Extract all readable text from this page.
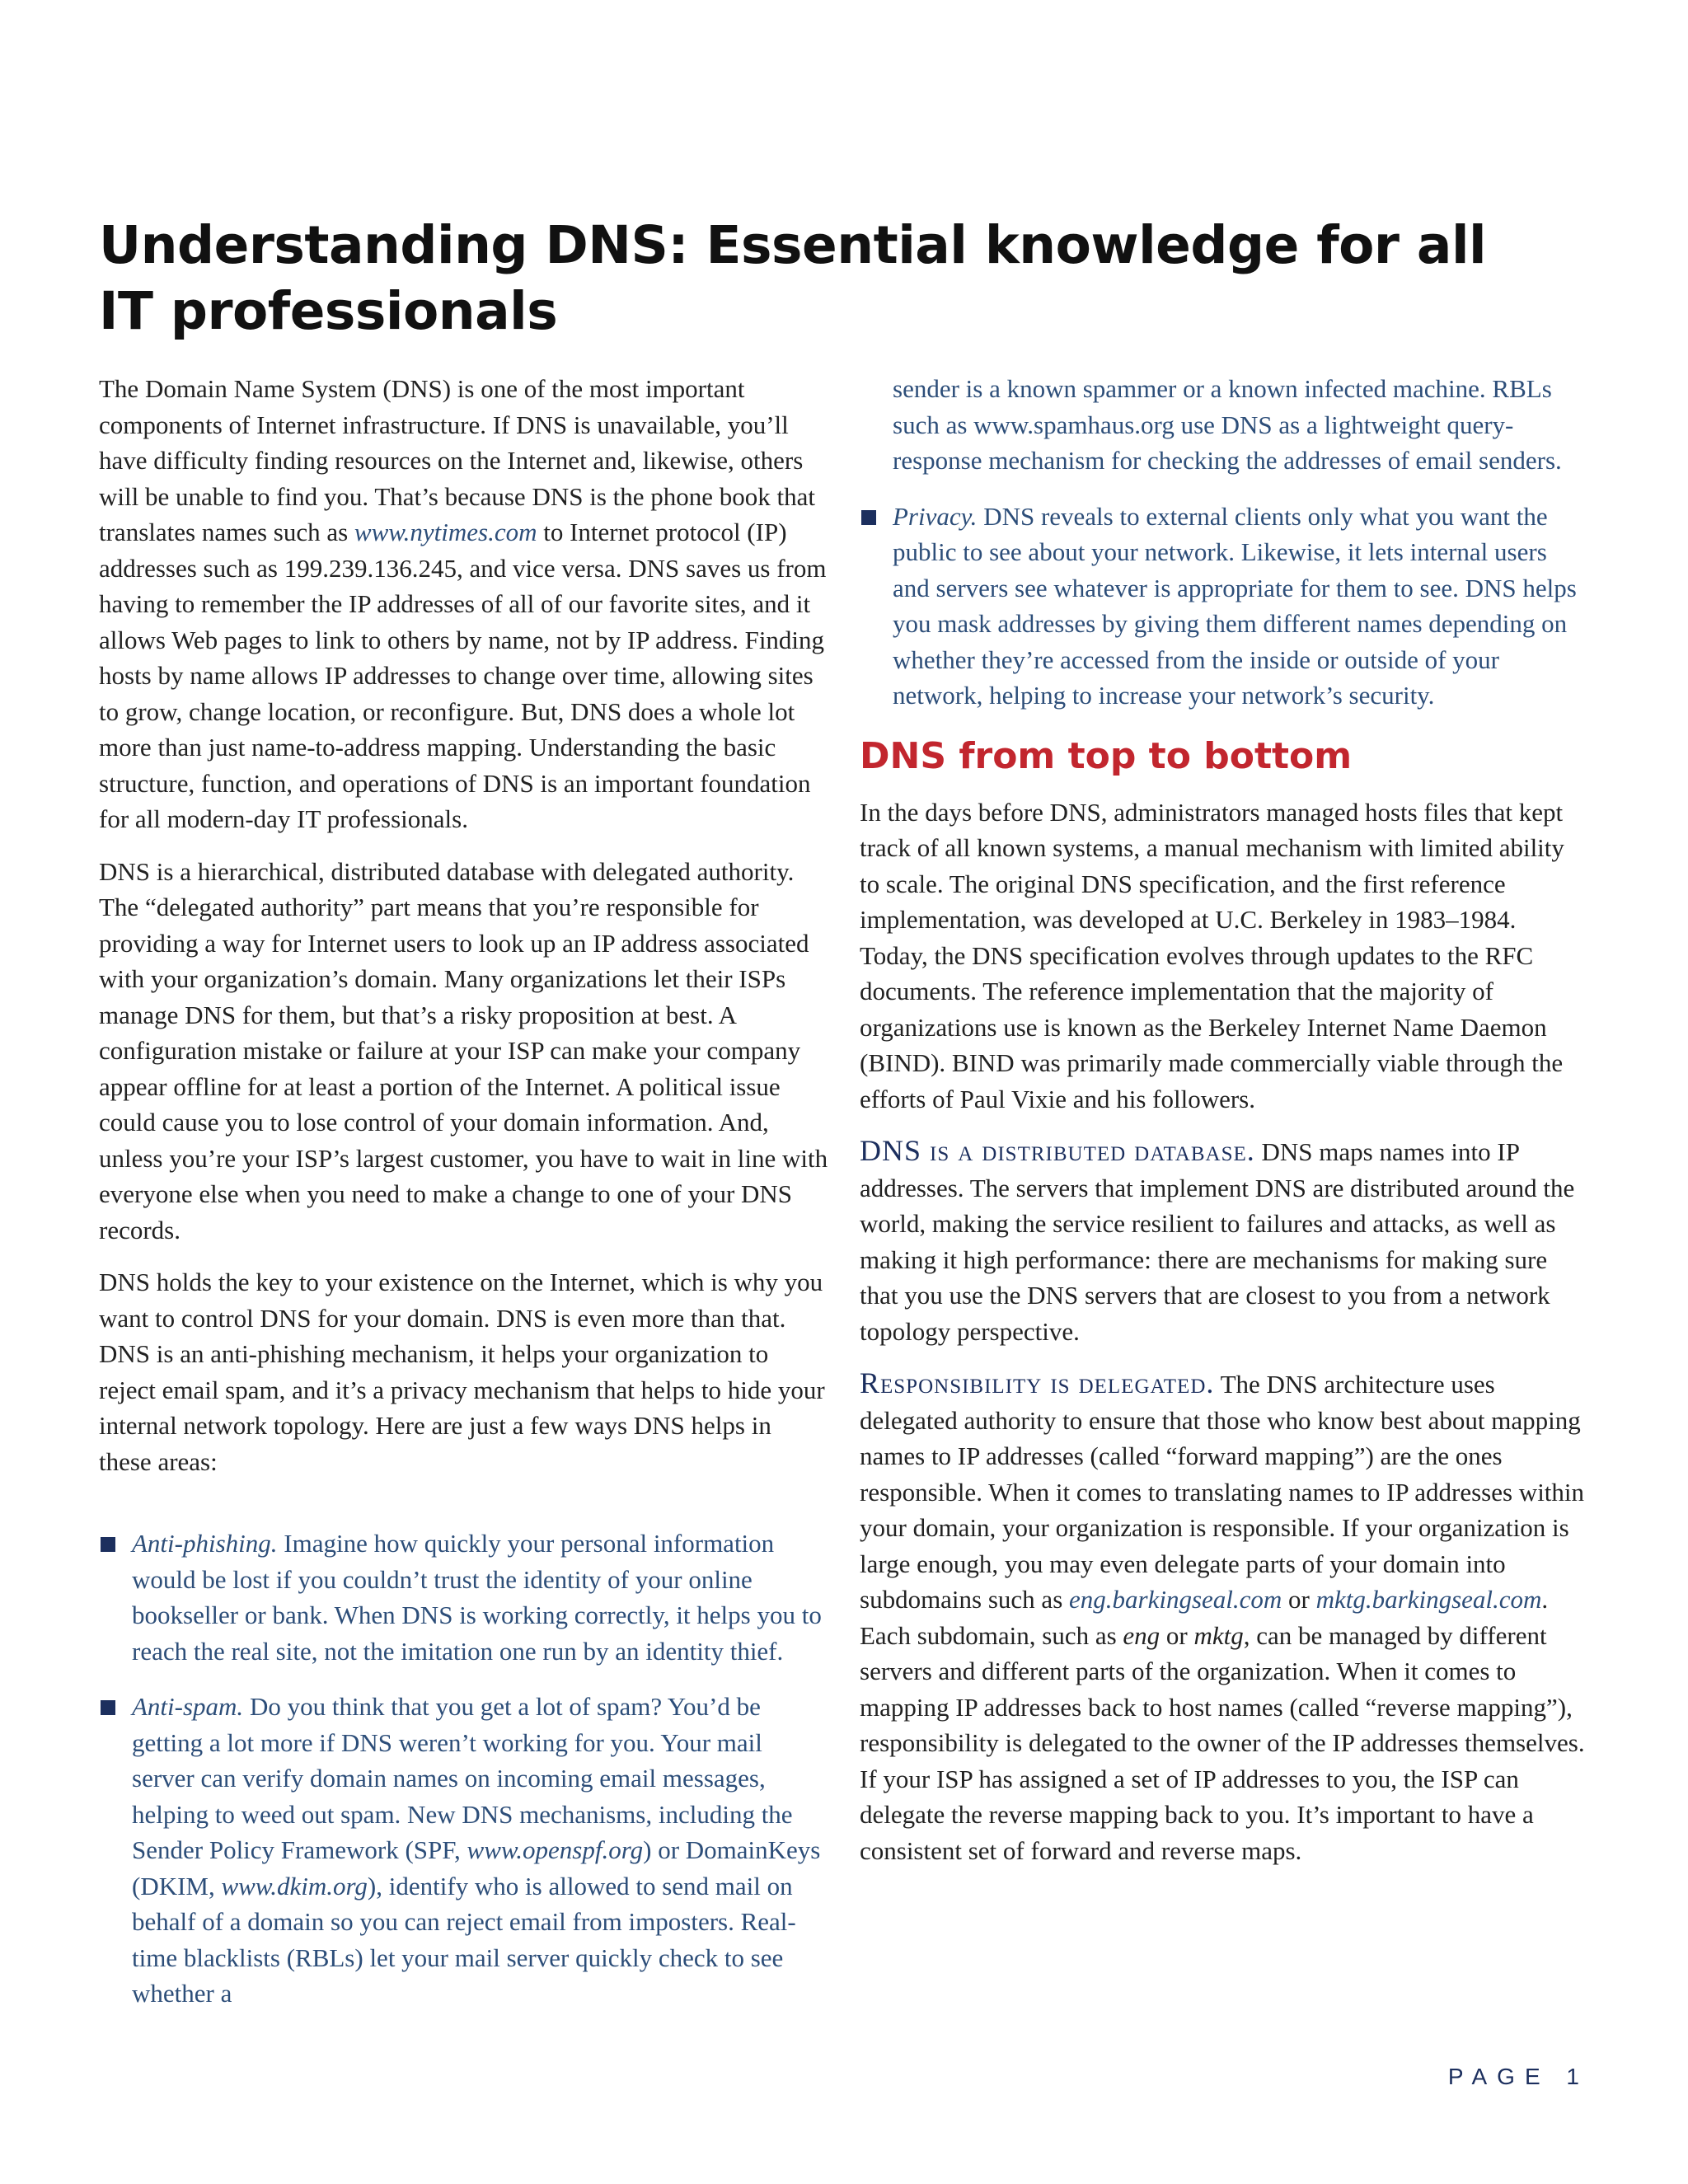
Understanding DNS: Essential knowledge for all IT professionals

The Domain Name System (DNS) is one of the most important components of Internet infrastructure. If DNS is unavailable, you’ll have difficulty finding resources on the Internet and, likewise, others will be unable to find you. That’s because DNS is the phone book that translates names such as www.nytimes.com to Internet protocol (IP) addresses such as 199.239.136.245, and vice versa. DNS saves us from having to remember the IP addresses of all of our favorite sites, and it allows Web pages to link to others by name, not by IP address. Finding hosts by name allows IP addresses to change over time, allowing sites to grow, change location, or reconfigure. But, DNS does a whole lot more than just name-to-address mapping. Understanding the basic structure, function, and operations of DNS is an important foundation for all modern-day IT professionals.

DNS is a hierarchical, distributed database with delegated authority. The “delegated authority” part means that you’re responsible for providing a way for Internet users to look up an IP address associated with your organization’s domain. Many organizations let their ISPs manage DNS for them, but that’s a risky proposition at best. A configuration mistake or failure at your ISP can make your company appear offline for at least a portion of the Internet. A political issue could cause you to lose control of your domain information. And, unless you’re your ISP’s largest customer, you have to wait in line with everyone else when you need to make a change to one of your DNS records.

DNS holds the key to your existence on the Internet, which is why you want to control DNS for your domain. DNS is even more than that. DNS is an anti-phishing mechanism, it helps your organization to reject email spam, and it’s a privacy mechanism that helps to hide your internal network topology. Here are just a few ways DNS helps in these areas:

Anti-phishing. Imagine how quickly your personal information would be lost if you couldn’t trust the identity of your online bookseller or bank. When DNS is working correctly, it helps you to reach the real site, not the imitation one run by an identity thief.
Anti-spam. Do you think that you get a lot of spam? You’d be getting a lot more if DNS weren’t working for you. Your mail server can verify domain names on incoming email messages, helping to weed out spam. New DNS mechanisms, including the Sender Policy Framework (SPF, www.openspf.org) or DomainKeys (DKIM, www.dkim.org), identify who is allowed to send mail on behalf of a domain so you can reject email from imposters. Real-time blacklists (RBLs) let your mail server quickly check to see whether a

sender is a known spammer or a known infected machine. RBLs such as www.spamhaus.org use DNS as a lightweight query-response mechanism for checking the addresses of email senders.

Privacy. DNS reveals to external clients only what you want the public to see about your network. Likewise, it lets internal users and servers see whatever is appropriate for them to see. DNS helps you mask addresses by giving them different names depending on whether they’re accessed from the inside or outside of your network, helping to increase your network’s security.
DNS from top to bottom

In the days before DNS, administrators managed hosts files that kept track of all known systems, a manual mechanism with limited ability to scale. The original DNS specification, and the first reference implementation, was developed at U.C. Berkeley in 1983–1984. Today, the DNS specification evolves through updates to the RFC documents. The reference implementation that the majority of organizations use is known as the Berkeley Internet Name Daemon (BIND). BIND was primarily made commercially viable through the efforts of Paul Vixie and his followers.

DNS is a distributed database. DNS maps names into IP addresses. The servers that implement DNS are distributed around the world, making the service resilient to failures and attacks, as well as making it high performance: there are mechanisms for making sure that you use the DNS servers that are closest to you from a network topology perspective.

Responsibility is delegated. The DNS architecture uses delegated authority to ensure that those who know best about mapping names to IP addresses (called “forward mapping”) are the ones responsible. When it comes to translating names to IP addresses within your domain, your organization is responsible. If your organization is large enough, you may even delegate parts of your domain into subdomains such as eng.barkingseal.com or mktg.barkingseal.com. Each subdomain, such as eng or mktg, can be managed by different servers and different parts of the organization. When it comes to mapping IP addresses back to host names (called “reverse mapping”), responsibility is delegated to the owner of the IP addresses themselves. If your ISP has assigned a set of IP addresses to you, the ISP can delegate the reverse mapping back to you. It’s important to have a consistent set of forward and reverse maps.

PAGE 1
